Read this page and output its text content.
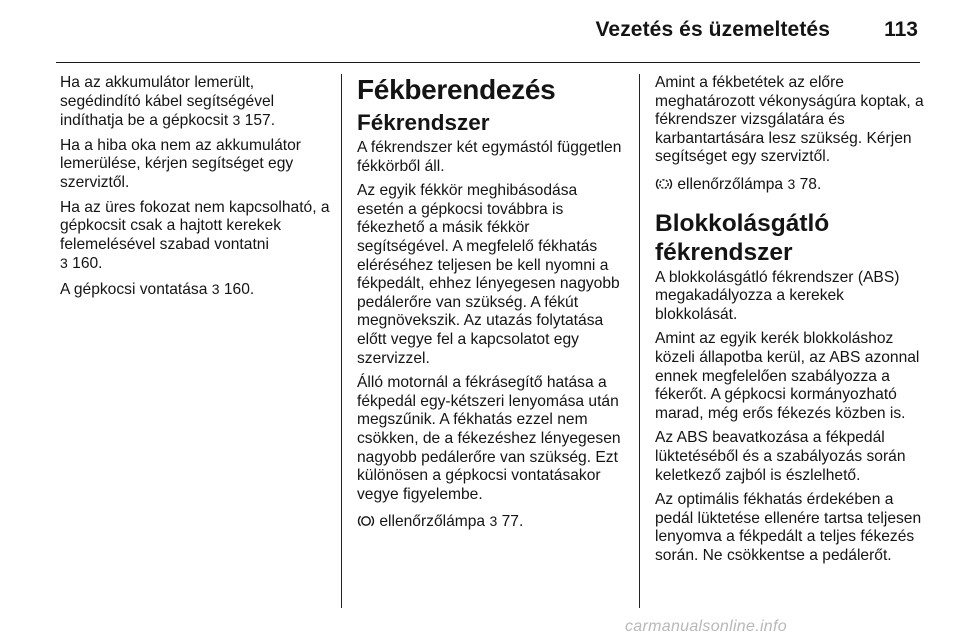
Vezetés és üzemeltetés	113

Ha az akkumulátor lemerült, segédindító kábel segítségével indíthatja be a gépkocsit 3 157.

Ha a hiba oka nem az akkumulátor lemerülése, kérjen segítséget egy szerviztől.

Ha az üres fokozat nem kapcsolható, a gépkocsit csak a hajtott kerekek felemelésével szabad vontatni
3 160.

A gépkocsi vontatása 3 160.

Fékberendezés
Fékrendszer

A fékrendszer két egymástól független fékkörből áll.

Az egyik fékkör meghibásodása esetén a gépkocsi továbbra is fékezhető a másik fékkör segítségével. A megfelelő fékhatás eléréséhez teljesen be kell nyomni a fékpedált, ehhez lényegesen nagyobb pedálerőre van szükség. A fékút megnövekszik. Az utazás folytatása előtt vegye fel a kapcsolatot egy szervizzel.

Álló motornál a fékrásegítő hatása a fékpedál egy-kétszeri lenyomása után megszűnik. A fékhatás ezzel nem csökken, de a fékezéshez lényegesen nagyobb pedálerőre van szükség. Ezt különösen a gépkocsi vontatásakor vegye figyelembe.

ellenőrzőlámpa 3 77.

Amint a fékbetétek az előre meghatározott vékonyságúra koptak, a fékrendszer vizsgálatára és karbantartására lesz szükség. Kérjen segítséget egy szerviztől.

ellenőrzőlámpa 3 78.

Blokkolásgátló fékrendszer

A blokkolásgátló fékrendszer (ABS) megakadályozza a kerekek blokkolását.

Amint az egyik kerék blokkoláshoz közeli állapotba kerül, az ABS azonnal ennek megfelelően szabályozza a fékerőt. A gépkocsi kormányozható marad, még erős fékezés közben is.

Az ABS beavatkozása a fékpedál lüktetéséből és a szabályozás során keletkező zajból is észlelhető.

Az optimális fékhatás érdekében a pedál lüktetése ellenére tartsa teljesen lenyomva a fékpedált a teljes fékezés során. Ne csökkentse a pedálerőt.

carmanualsonline.info
